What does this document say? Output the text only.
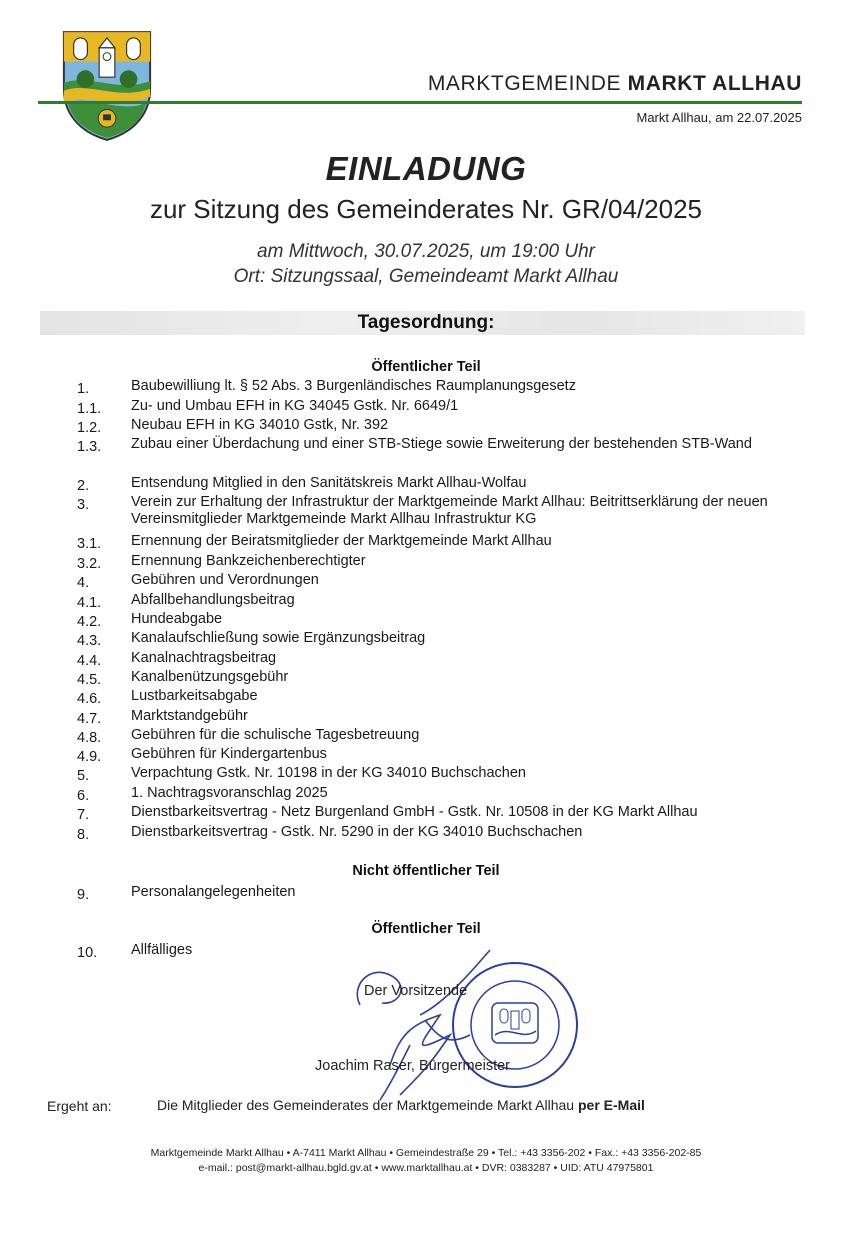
MARKTGEMEINDE MARKT ALLHAU
Markt Allhau, am 22.07.2025
EINLADUNG
zur Sitzung des Gemeinderates Nr. GR/04/2025
am Mittwoch, 30.07.2025, um 19:00 Uhr
Ort: Sitzungssaal, Gemeindeamt Markt Allhau
Tagesordnung:
Öffentlicher Teil
1.	Baubewilliung lt. § 52 Abs. 3 Burgenländisches Raumplanungsgesetz
1.1. Zu- und Umbau EFH in KG 34045 Gstk. Nr. 6649/1
1.2. Neubau EFH in KG 34010 Gstk, Nr. 392
1.3. Zubau einer Überdachung und einer STB-Stiege sowie Erweiterung der bestehenden STB-Wand
2.	Entsendung Mitglied in den Sanitätskreis Markt Allhau-Wolfau
3.	Verein zur Erhaltung der Infrastruktur der Marktgemeinde Markt Allhau: Beitrittserklärung der neuen Vereinsmitglieder Marktgemeinde Markt Allhau Infrastruktur KG
3.1. Ernennung der Beiratsmitglieder der Marktgemeinde Markt Allhau
3.2. Ernennung Bankzeichenberechtigter
4.	Gebühren und Verordnungen
4.1. Abfallbehandlungsbeitrag
4.2. Hundeabgabe
4.3. Kanalaufschließung sowie Ergänzungsbeitrag
4.4. Kanalnachtragsbeitrag
4.5. Kanalbenützungsgebühr
4.6. Lustbarkeitsabgabe
4.7. Marktstandgebühr
4.8. Gebühren für die schulische Tagesbetreuung
4.9. Gebühren für Kindergartenbus
5.	Verpachtung Gstk. Nr. 10198 in der KG 34010 Buchschachen
6.	1. Nachtragsvoranschlag 2025
7.	Dienstbarkeitsvertrag - Netz Burgenland GmbH - Gstk. Nr. 10508 in der KG Markt Allhau
8.	Dienstbarkeitsvertrag - Gstk. Nr. 5290 in der KG 34010 Buchschachen
Nicht öffentlicher Teil
9.	Personalangelegenheiten
Öffentlicher Teil
10. Allfälliges
Der Vorsitzende
Joachim Raser, Bürgermeister
Ergeht an:	Die Mitglieder des Gemeinderates der Marktgemeinde Markt Allhau per E-Mail
Marktgemeinde Markt Allhau • A-7411 Markt Allhau • Gemeindestraße 29 • Tel.: +43 3356-202 • Fax.: +43 3356-202-85
e-mail.: post@markt-allhau.bgld.gv.at • www.marktallhau.at • DVR: 0383287 • UID: ATU 47975801
